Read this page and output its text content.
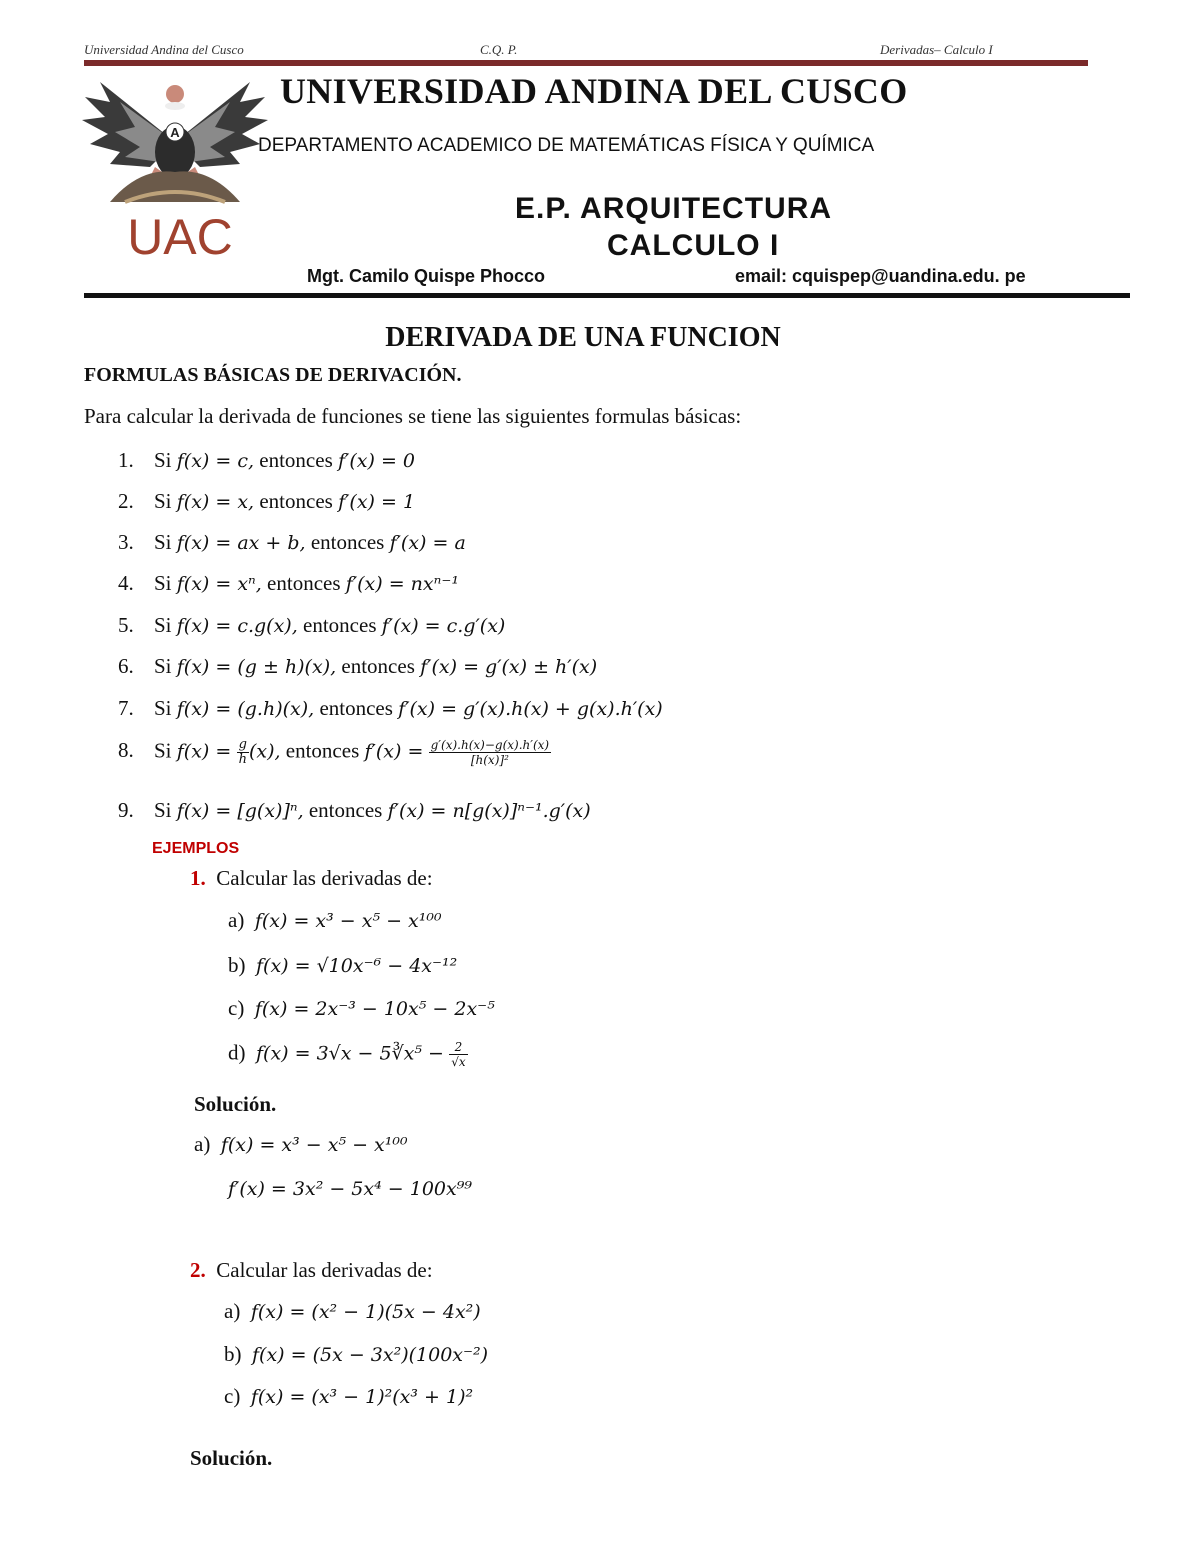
Universidad Andina del Cusco	C.Q. P.	Derivadas– Calculo I
A
UAC
UNIVERSIDAD ANDINA DEL CUSCO
DEPARTAMENTO ACADEMICO DE MATEMÁTICAS FÍSICA Y QUÍMICA
E.P. ARQUITECTURA
CALCULO I
Mgt. Camilo Quispe Phocco	email: cquispep@uandina.edu. pe
DERIVADA DE UNA FUNCION
FORMULAS BÁSICAS DE DERIVACIÓN.
Para calcular la derivada de funciones se tiene las siguientes formulas básicas:
1. Si f(x) = c, entonces f′(x) = 0
2. Si f(x) = x, entonces f′(x) = 1
3. Si f(x) = ax + b, entonces f′(x) = a
4. Si f(x) = xⁿ, entonces f′(x) = nxⁿ⁻¹
5. Si f(x) = c.g(x), entonces f′(x) = c.g′(x)
6. Si f(x) = (g ± h)(x), entonces f′(x) = g′(x) ± h′(x)
7. Si f(x) = (g.h)(x), entonces f′(x) = g′(x).h(x) + g(x).h′(x)
8. Si $f(x) = \frac{g}{h} (x)$, entonces $f'(x) = \frac{g'(x).h(x)-g(x).h'(x)}{\text{[h(x)]²}}$
9. Si f(x) = [g(x)]ⁿ, entonces f′(x) = n[g(x)]ⁿ⁻¹.g′(x)
EJEMPLOS
1. Calcular las derivadas de:
a) f(x) = x³ − x⁵ − x¹⁰⁰
b) f(x) = √10x⁻⁶ − 4x⁻¹²
c) f(x) = 2x⁻³ − 10x⁵ − 2x⁻⁵
d) f(x) = 3√x − 5∛x⁵ − $\frac{2}{√x}$
Solución.
a) f(x) = x³ − x⁵ − x¹⁰⁰
f′(x) = 3x² − 5x⁴ − 100x⁹⁹
2. Calcular las derivadas de:
a) f(x) = (x² − 1)(5x − 4x²)
b) f(x) = (5x − 3x²)(100x⁻²)
c) f(x) = (x³ − 1)²(x³ + 1)²
Solución.
